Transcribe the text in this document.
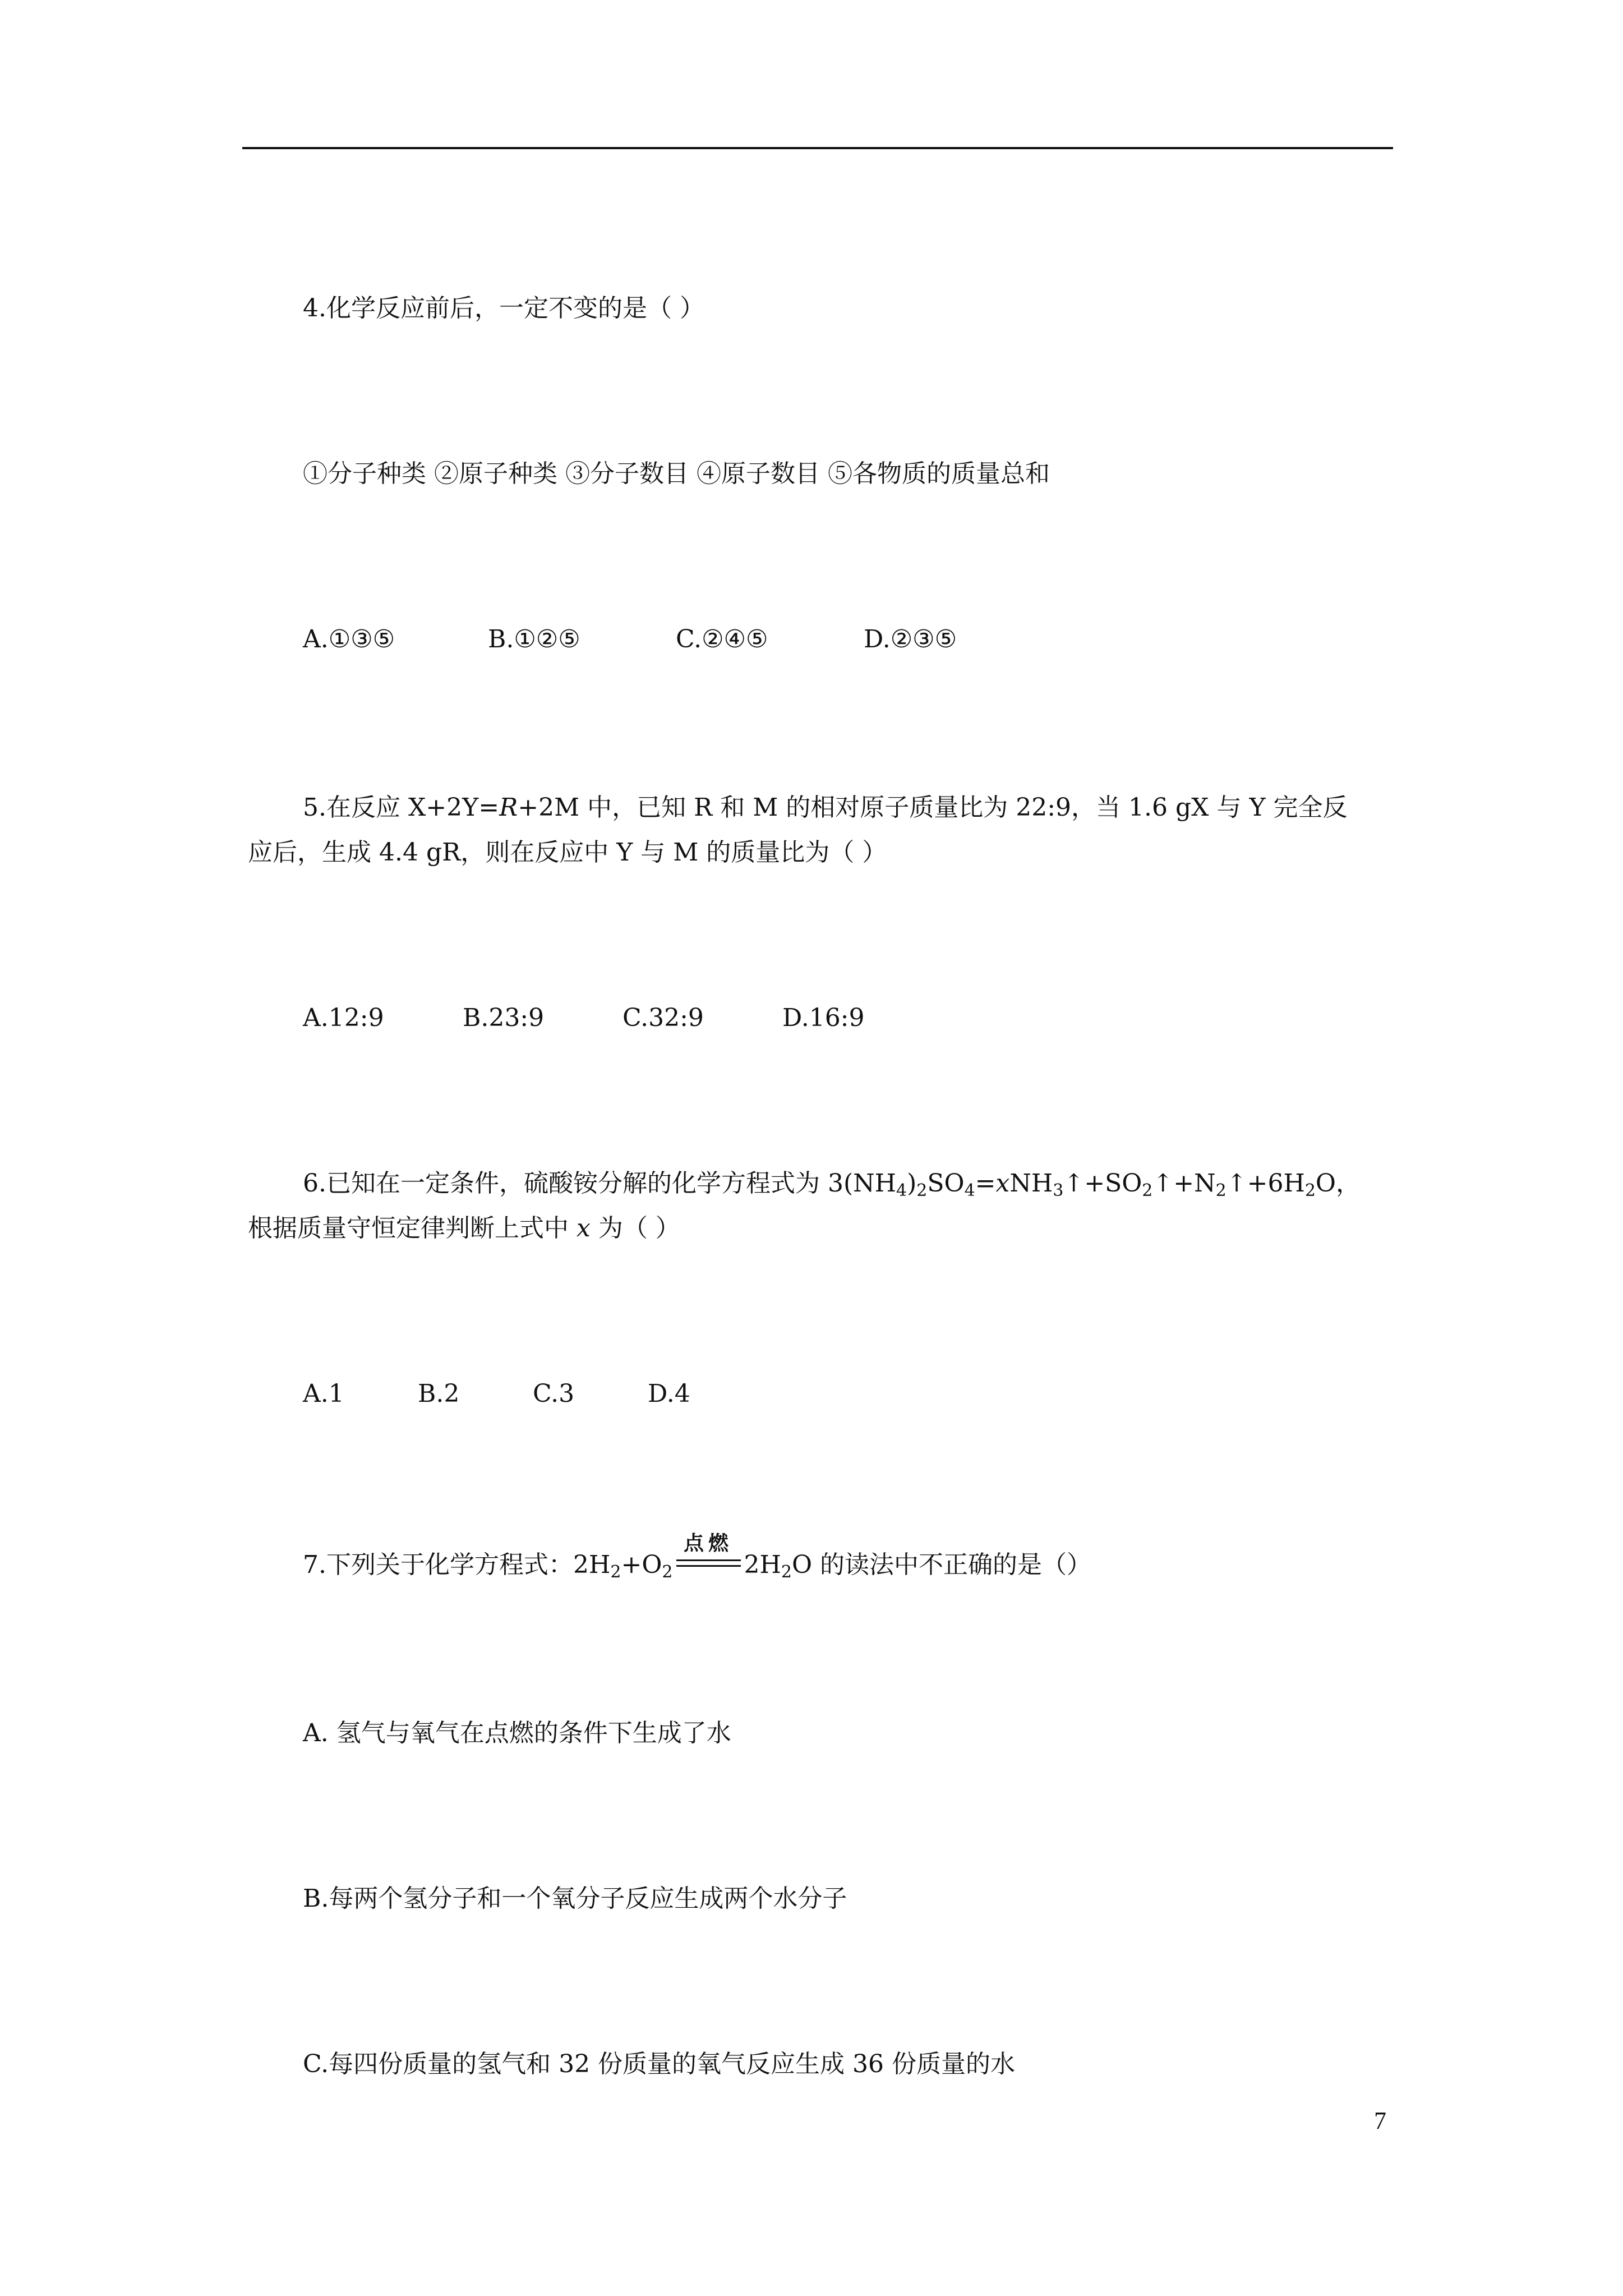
4.化学反应前后，一定不变的是（ ）
①分子种类 ②原子种类 ③分子数目 ④原子数目 ⑤各物质的质量总和
A.①③⑤	B.①②⑤	C.②④⑤	D.②③⑤
5.在反应 X+2Y=R+2M 中，已知 R 和 M 的相对原子质量比为 22:9，当 1.6 gX 与 Y 完全反
应后，生成 4.4 gR，则在反应中 Y 与 M 的质量比为（ ）
A.12:9	B.23:9	C.32:9	D.16:9
6.已知在一定条件，硫酸铵分解的化学方程式为 $3(NH_4)_2SO_4=xNH_3↑+SO_2↑+N_2↑+6H_2O$，
根据质量守恒定律判断上式中 x 为（ ）
A.1	B.2	C.3	D.4
7.下列关于化学方程式：$2H_2+O_2$
点燃
$2H_2O$ 的读法中不正确的是（）
A. 氢气与氧气在点燃的条件下生成了水
B.每两个氢分子和一个氧分子反应生成两个水分子
C.每四份质量的氢气和 32 份质量的氧气反应生成 36 份质量的水
7
